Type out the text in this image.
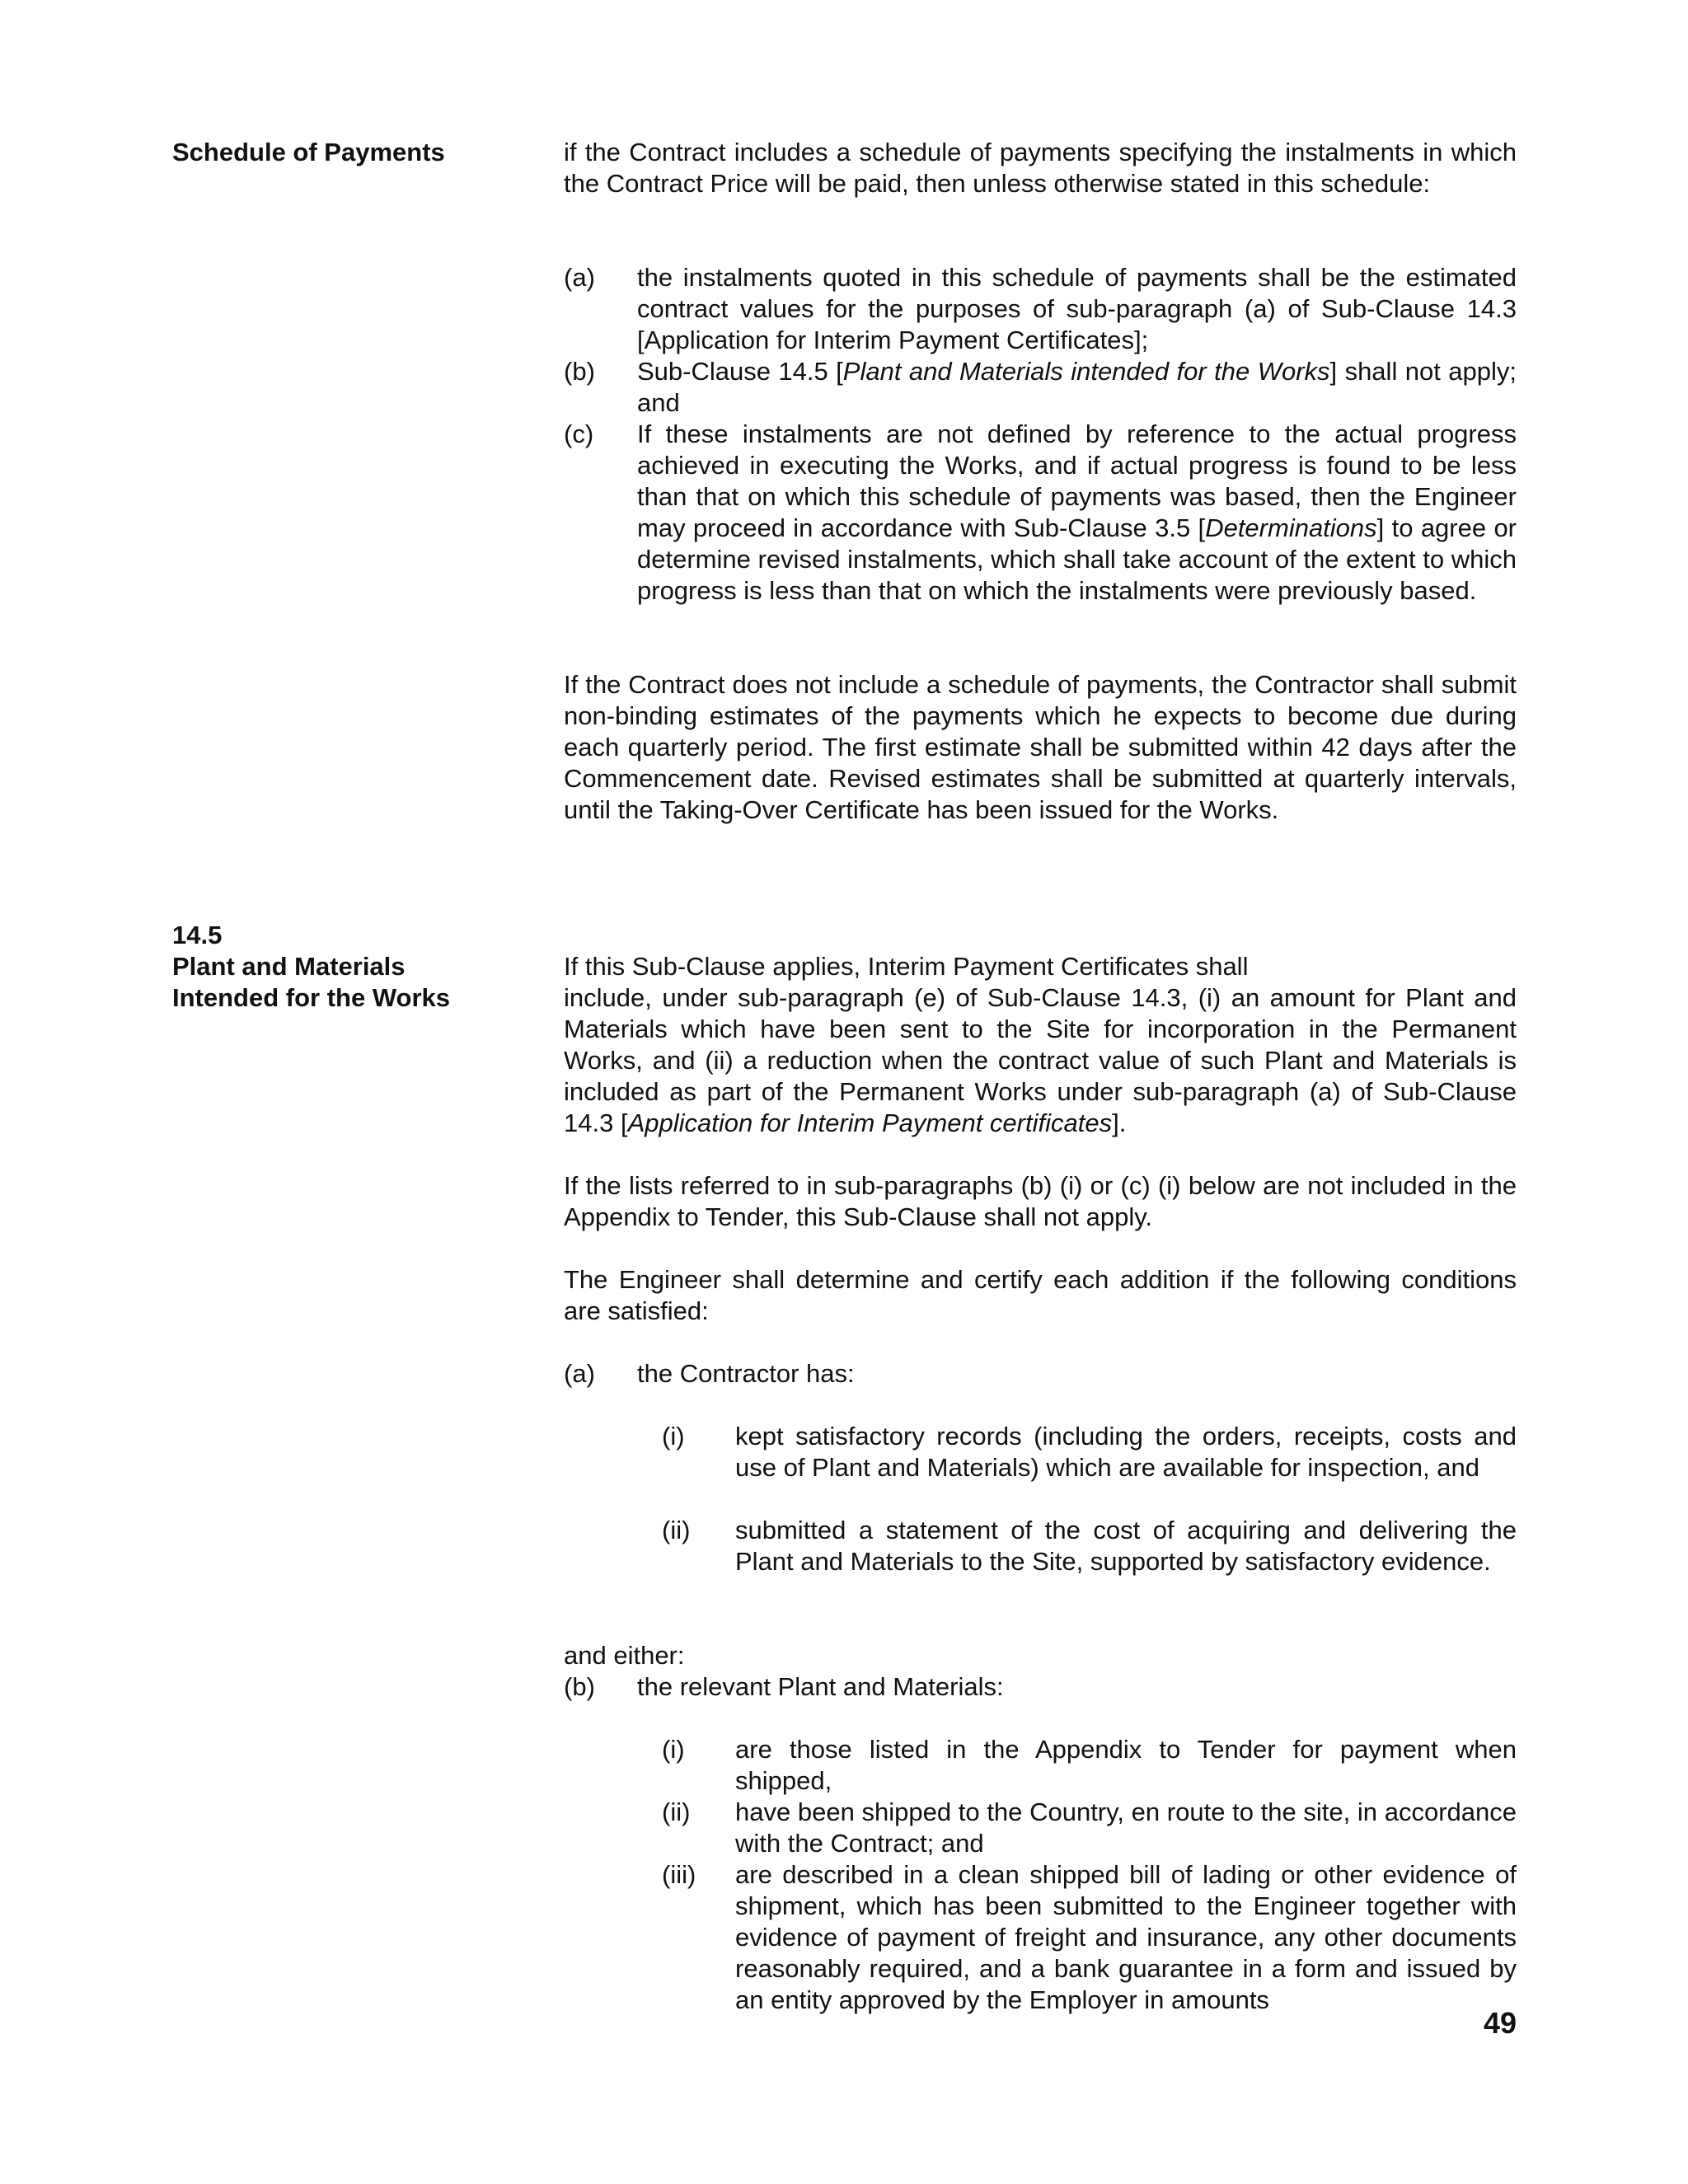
Schedule of Payments	if the Contract includes a schedule of payments specifying the instalments in which the Contract Price will be paid, then unless otherwise stated in this schedule:

(a)	the instalments quoted in this schedule of payments shall be the estimated contract values for the purposes of sub-paragraph (a) of Sub-Clause 14.3 [Application for Interim Payment Certificates];
(b)	Sub-Clause 14.5 [Plant and Materials intended for the Works] shall not apply; and
(c)	If these instalments are not defined by reference to the actual progress achieved in executing the Works, and if actual progress is found to be less than that on which this schedule of payments was based, then the Engineer may proceed in accordance with Sub-Clause 3.5 [Determinations] to agree or determine revised instalments, which shall take account of the extent to which progress is less than that on which the instalments were previously based.

If the Contract does not include a schedule of payments, the Contractor shall submit non-binding estimates of the payments which he expects to become due during each quarterly period. The first estimate shall be submitted within 42 days after the Commencement date. Revised estimates shall be submitted at quarterly intervals, until the Taking-Over Certificate has been issued for the Works.

14.5
Plant and Materials
Intended for the Works
If this Sub-Clause applies, Interim Payment Certificates shall
include, under sub-paragraph (e) of Sub-Clause 14.3, (i) an amount for Plant and Materials which have been sent to the Site for incorporation in the Permanent Works, and (ii) a reduction when the contract value of such Plant and Materials is included as part of the Permanent Works under sub-paragraph (a) of Sub-Clause 14.3 [Application for Interim Payment certificates].

If the lists referred to in sub-paragraphs (b) (i) or (c) (i) below are not included in the Appendix to Tender, this Sub-Clause shall not apply.

The Engineer shall determine and certify each addition if the following conditions are satisfied:

(a)	the Contractor has:
(i)	kept satisfactory records (including the orders, receipts, costs and use of Plant and Materials) which are available for inspection, and
(ii)	submitted a statement of the cost of acquiring and delivering the Plant and Materials to the Site, supported by satisfactory evidence.

and either:

(b)	the relevant Plant and Materials:
(i)	are those listed in the Appendix to Tender for payment when shipped,
(ii)	have been shipped to the Country, en route to the site, in accordance with the Contract; and
(iii)	are described in a clean shipped bill of lading or other evidence of shipment, which has been submitted to the Engineer together with evidence of payment of freight and insurance, any other documents reasonably required, and a bank guarantee in a form and issued by an entity approved by the Employer in amounts
49
